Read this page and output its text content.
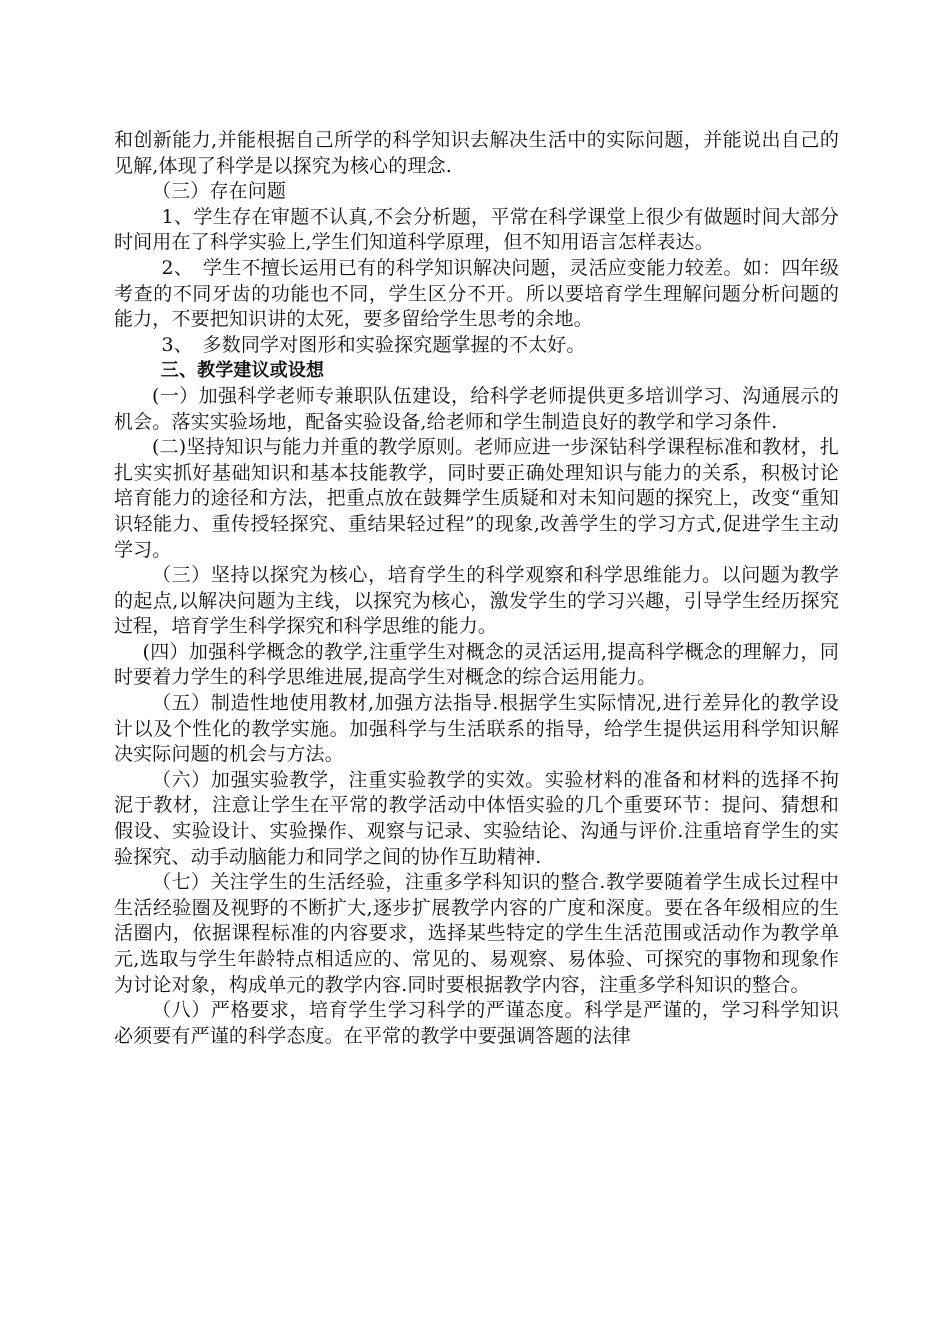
和创新能力,并能根据自己所学的科学知识去解决生活中的实际问题，并能说出自己的见解,体现了科学是以探究为核心的理念.

（三）存在问题

1、学生存在审题不认真,不会分析题，平常在科学课堂上很少有做题时间大部分时间用在了科学实验上,学生们知道科学原理，但不知用语言怎样表达。

2、　学生不擅长运用已有的科学知识解决问题，灵活应变能力较差。如：四年级考查的不同牙齿的功能也不同，学生区分不开。所以要培育学生理解问题分析问题的能力，不要把知识讲的太死，要多留给学生思考的余地。

3、　多数同学对图形和实验探究题掌握的不太好。

三、教学建议或设想

(一）加强科学老师专兼职队伍建设，给科学老师提供更多培训学习、沟通展示的机会。落实实验场地，配备实验设备,给老师和学生制造良好的教学和学习条件.

(二)坚持知识与能力并重的教学原则。老师应进一步深钻科学课程标准和教材，扎扎实实抓好基础知识和基本技能教学，同时要正确处理知识与能力的关系，积极讨论培育能力的途径和方法，把重点放在鼓舞学生质疑和对未知问题的探究上，改变“重知识轻能力、重传授轻探究、重结果轻过程”的现象,改善学生的学习方式,促进学生主动学习。

（三）坚持以探究为核心，培育学生的科学观察和科学思维能力。以问题为教学的起点,以解决问题为主线，以探究为核心，激发学生的学习兴趣，引导学生经历探究过程，培育学生科学探究和科学思维的能力。

(四）加强科学概念的教学,注重学生对概念的灵活运用,提高科学概念的理解力，同时要着力学生的科学思维进展,提高学生对概念的综合运用能力。

（五）制造性地使用教材,加强方法指导.根据学生实际情况,进行差异化的教学设计以及个性化的教学实施。加强科学与生活联系的指导，给学生提供运用科学知识解决实际问题的机会与方法。

（六）加强实验教学，注重实验教学的实效。实验材料的准备和材料的选择不拘泥于教材，注意让学生在平常的教学活动中体悟实验的几个重要环节：提问、猜想和假设、实验设计、实验操作、观察与记录、实验结论、沟通与评价.注重培育学生的实验探究、动手动脑能力和同学之间的协作互助精神.

（七）关注学生的生活经验，注重多学科知识的整合.教学要随着学生成长过程中生活经验圈及视野的不断扩大,逐步扩展教学内容的广度和深度。要在各年级相应的生活圈内，依据课程标准的内容要求，选择某些特定的学生生活范围或活动作为教学单元,选取与学生年龄特点相适应的、常见的、易观察、易体验、可探究的事物和现象作为讨论对象，构成单元的教学内容.同时要根据教学内容，注重多学科知识的整合。

（八）严格要求，培育学生学习科学的严谨态度。科学是严谨的，学习科学知识必须要有严谨的科学态度。在平常的教学中要强调答题的法律
